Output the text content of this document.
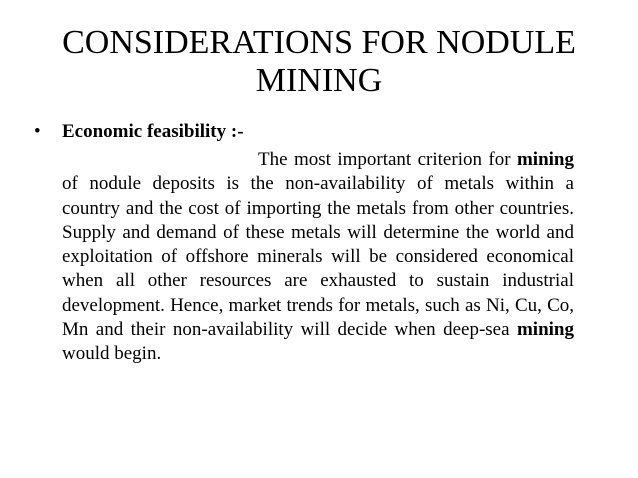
CONSIDERATIONS FOR NODULE
MINING
•	Economic feasibility :-

The most important criterion for mining of nodule deposits is the non-availability of metals within a country and the cost of importing the metals from other countries. Supply and demand of these metals will determine the world and exploitation of offshore minerals will be considered economical when all other resources are exhausted to sustain industrial development. Hence, market trends for metals, such as Ni, Cu, Co, Mn and their non-availability will decide when deep-sea mining would begin.
